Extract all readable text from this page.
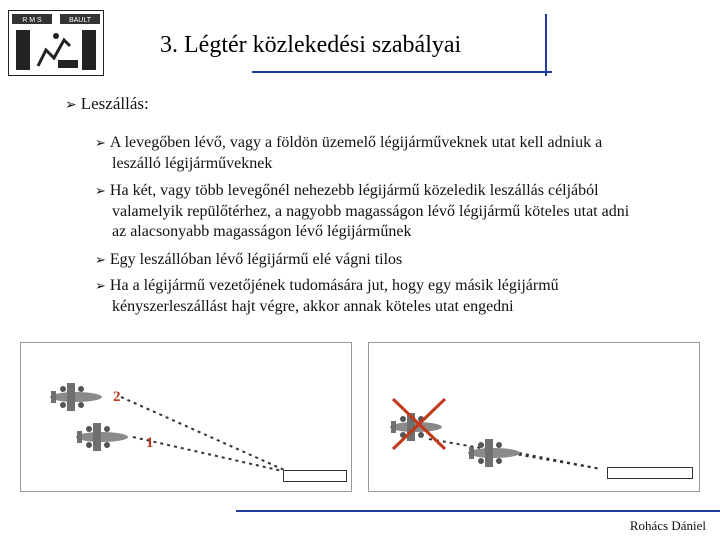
R M S	BAULT
3. Légtér közlekedési szabályai
➢ Leszállás:
➢ A levegőben lévő, vagy a földön üzemelő légijárműveknek utat kell adniuk a
leszálló légijárműveknek
➢ Ha két, vagy több levegőnél nehezebb légijármű közeledik leszállás céljából
valamelyik repülőtérhez, a nagyobb magasságon lévő légijármű köteles utat adni
az alacsonyabb magasságon lévő légijárműnek
➢ Egy leszállóban lévő légijármű elé vágni tilos
➢ Ha a légijármű vezetőjének tudomására jut, hogy egy másik légijármű
kényszerleszállást hajt végre, akkor annak köteles utat engedni
2
1
Rohács Dániel
